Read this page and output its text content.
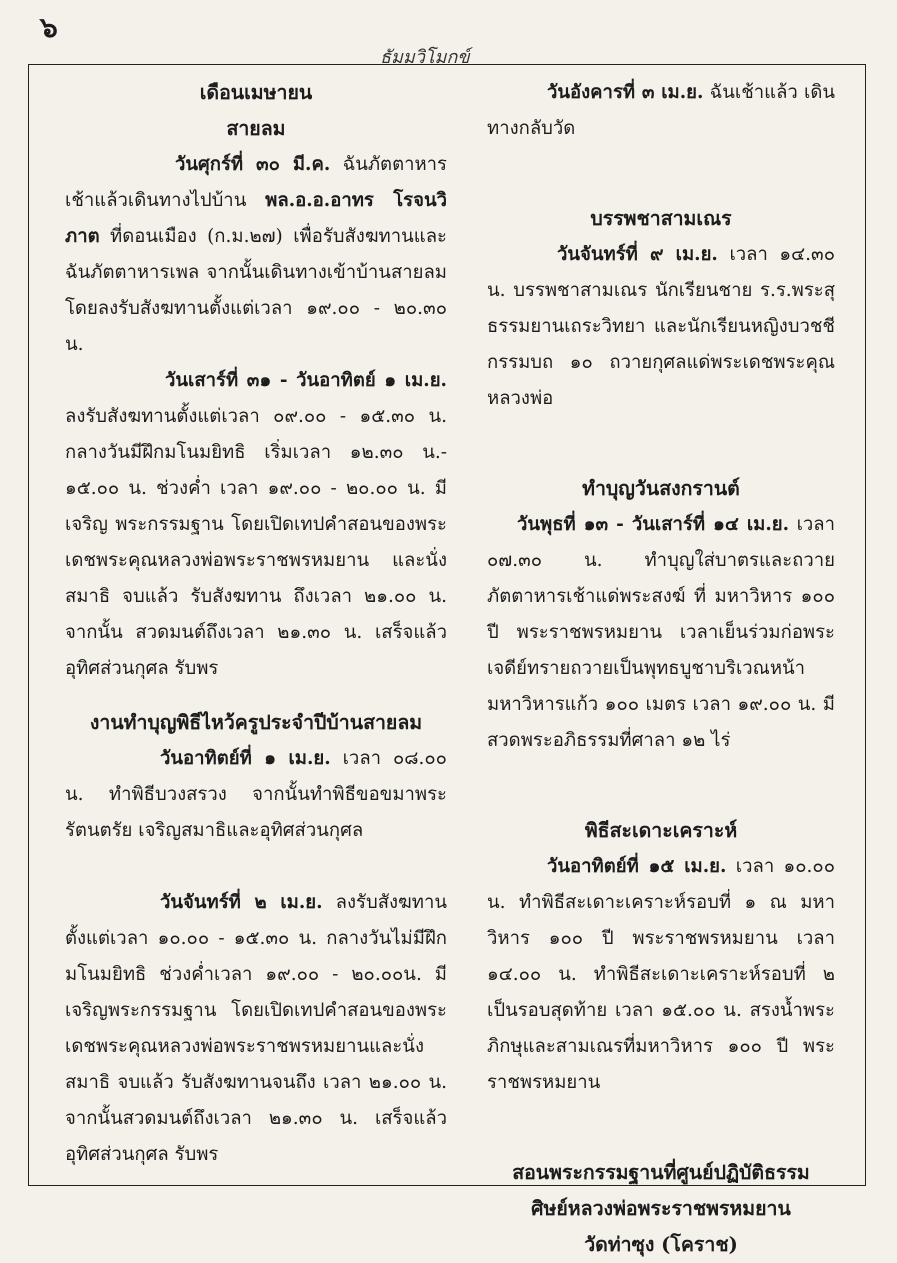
๖
ธัมมวิโมกข์

เดือนเมษายน

สายลม

วันศุกร์ที่ ๓๐ มี.ค. ฉันภัตตาหารเช้าแล้วเดินทางไปบ้าน พล.อ.อ.อาทร โรจนวิภาต ที่ดอนเมือง (ก.ม.๒๗) เพื่อรับสังฆทานและฉันภัตตาหารเพล จากนั้นเดินทางเข้าบ้านสายลม โดยลงรับสังฆทานตั้งแต่เวลา ๑๙.๐๐ - ๒๐.๓๐ น.

วันเสาร์ที่ ๓๑ - วันอาทิตย์ ๑ เม.ย. ลงรับสังฆทานตั้งแต่เวลา ๐๙.๐๐ - ๑๕.๓๐ น. กลางวันมีฝึกมโนมยิทธิ เริ่มเวลา ๑๒.๓๐ น.- ๑๕.๐๐ น. ช่วงค่ำ เวลา ๑๙.๐๐ - ๒๐.๐๐ น. มีเจริญ พระกรรมฐาน โดยเปิดเทปคำสอนของพระเดชพระคุณหลวงพ่อพระราชพรหมยาน และนั่งสมาธิ จบแล้ว รับสังฆทาน ถึงเวลา ๒๑.๐๐ น. จากนั้น สวดมนต์ถึงเวลา ๒๑.๓๐ น. เสร็จแล้วอุทิศส่วนกุศล รับพร

งานทำบุญพิธีไหว้ครูประจำปีบ้านสายลม

วันอาทิตย์ที่ ๑ เม.ย. เวลา ๐๘.๐๐ น. ทำพิธีบวงสรวง จากนั้นทำพิธีขอขมาพระรัตนตรัย เจริญสมาธิและอุทิศส่วนกุศล

วันจันทร์ที่ ๒ เม.ย. ลงรับสังฆทานตั้งแต่เวลา ๑๐.๐๐ - ๑๕.๓๐ น. กลางวันไม่มีฝึกมโนมยิทธิ ช่วงค่ำเวลา ๑๙.๐๐ - ๒๐.๐๐น. มีเจริญพระกรรมฐาน โดยเปิดเทปคำสอนของพระเดชพระคุณหลวงพ่อพระราชพรหมยานและนั่งสมาธิ จบแล้ว รับสังฆทานจนถึง เวลา ๒๑.๐๐ น. จากนั้นสวดมนต์ถึงเวลา ๒๑.๓๐ น. เสร็จแล้วอุทิศส่วนกุศล รับพร

วันอังคารที่ ๓ เม.ย. ฉันเช้าแล้ว เดินทางกลับวัด

บรรพชาสามเณร

วันจันทร์ที่ ๙ เม.ย. เวลา ๑๔.๓๐ น. บรรพชาสามเณร นักเรียนชาย ร.ร.พระสุธรรมยานเถระวิทยา และนักเรียนหญิงบวชชีกรรมบถ ๑๐ ถวายกุศลแด่พระเดชพระคุณหลวงพ่อ

ทำบุญวันสงกรานต์

วันพุธที่ ๑๓ - วันเสาร์ที่ ๑๔ เม.ย. เวลา ๐๗.๓๐ น. ทำบุญใส่บาตรและถวายภัตตาหารเช้าแด่พระสงฆ์ ที่ มหาวิหาร ๑๐๐ ปี พระราชพรหมยาน เวลาเย็นร่วมก่อพระเจดีย์ทรายถวายเป็นพุทธบูชาบริเวณหน้ามหาวิหารแก้ว ๑๐๐ เมตร เวลา ๑๙.๐๐ น. มีสวดพระอภิธรรมที่ศาลา ๑๒ ไร่

พิธีสะเดาะเคราะห์

วันอาทิตย์ที่ ๑๕ เม.ย. เวลา ๑๐.๐๐ น. ทำพิธีสะเดาะเคราะห์รอบที่ ๑ ณ มหาวิหาร ๑๐๐ ปี พระราชพรหมยาน เวลา ๑๔.๐๐ น. ทำพิธีสะเดาะเคราะห์รอบที่ ๒ เป็นรอบสุดท้าย เวลา ๑๕.๐๐ น. สรงน้ำพระภิกษุและสามเณรที่มหาวิหาร ๑๐๐ ปี พระราชพรหมยาน

สอนพระกรรมฐานที่ศูนย์ปฏิบัติธรรม

ศิษย์หลวงพ่อพระราชพรหมยาน

วัดท่าซุง (โคราช)
